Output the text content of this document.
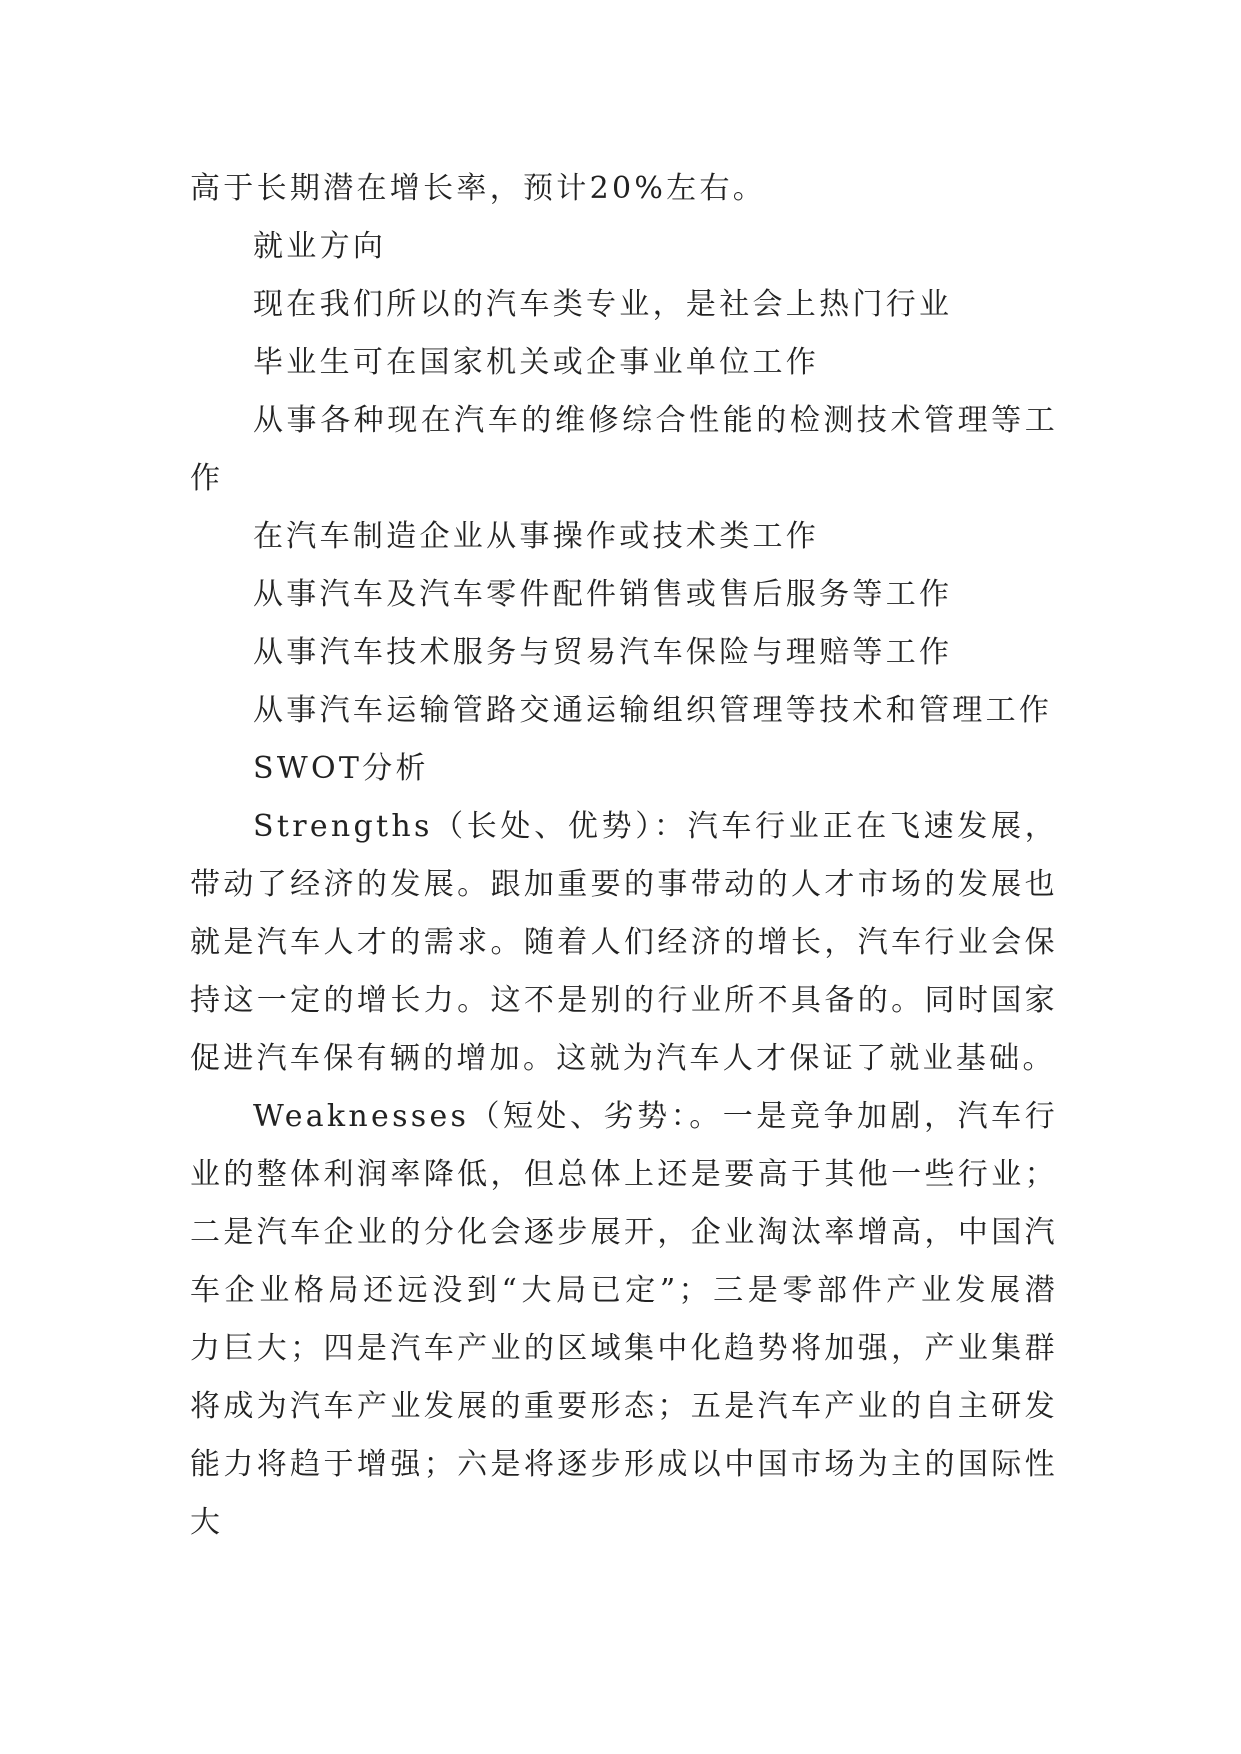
高于长期潜在增长率，预计20%左右。

就业方向

现在我们所以的汽车类专业，是社会上热门行业

毕业生可在国家机关或企事业单位工作

从事各种现在汽车的维修综合性能的检测技术管理等工作

在汽车制造企业从事操作或技术类工作

从事汽车及汽车零件配件销售或售后服务等工作

从事汽车技术服务与贸易汽车保险与理赔等工作

从事汽车运输管路交通运输组织管理等技术和管理工作

SWOT分析

Strengths（长处、优势）：汽车行业正在飞速发展，带动了经济的发展。跟加重要的事带动的人才市场的发展也就是汽车人才的需求。随着人们经济的增长，汽车行业会保持这一定的增长力。这不是别的行业所不具备的。同时国家促进汽车保有辆的增加。这就为汽车人才保证了就业基础。

Weaknesses（短处、劣势：。一是竞争加剧，汽车行业的整体利润率降低，但总体上还是要高于其他一些行业；二是汽车企业的分化会逐步展开，企业淘汰率增高，中国汽车企业格局还远没到“大局已定”；三是零部件产业发展潜力巨大；四是汽车产业的区域集中化趋势将加强，产业集群将成为汽车产业发展的重要形态；五是汽车产业的自主研发能力将趋于增强；六是将逐步形成以中国市场为主的国际性大
